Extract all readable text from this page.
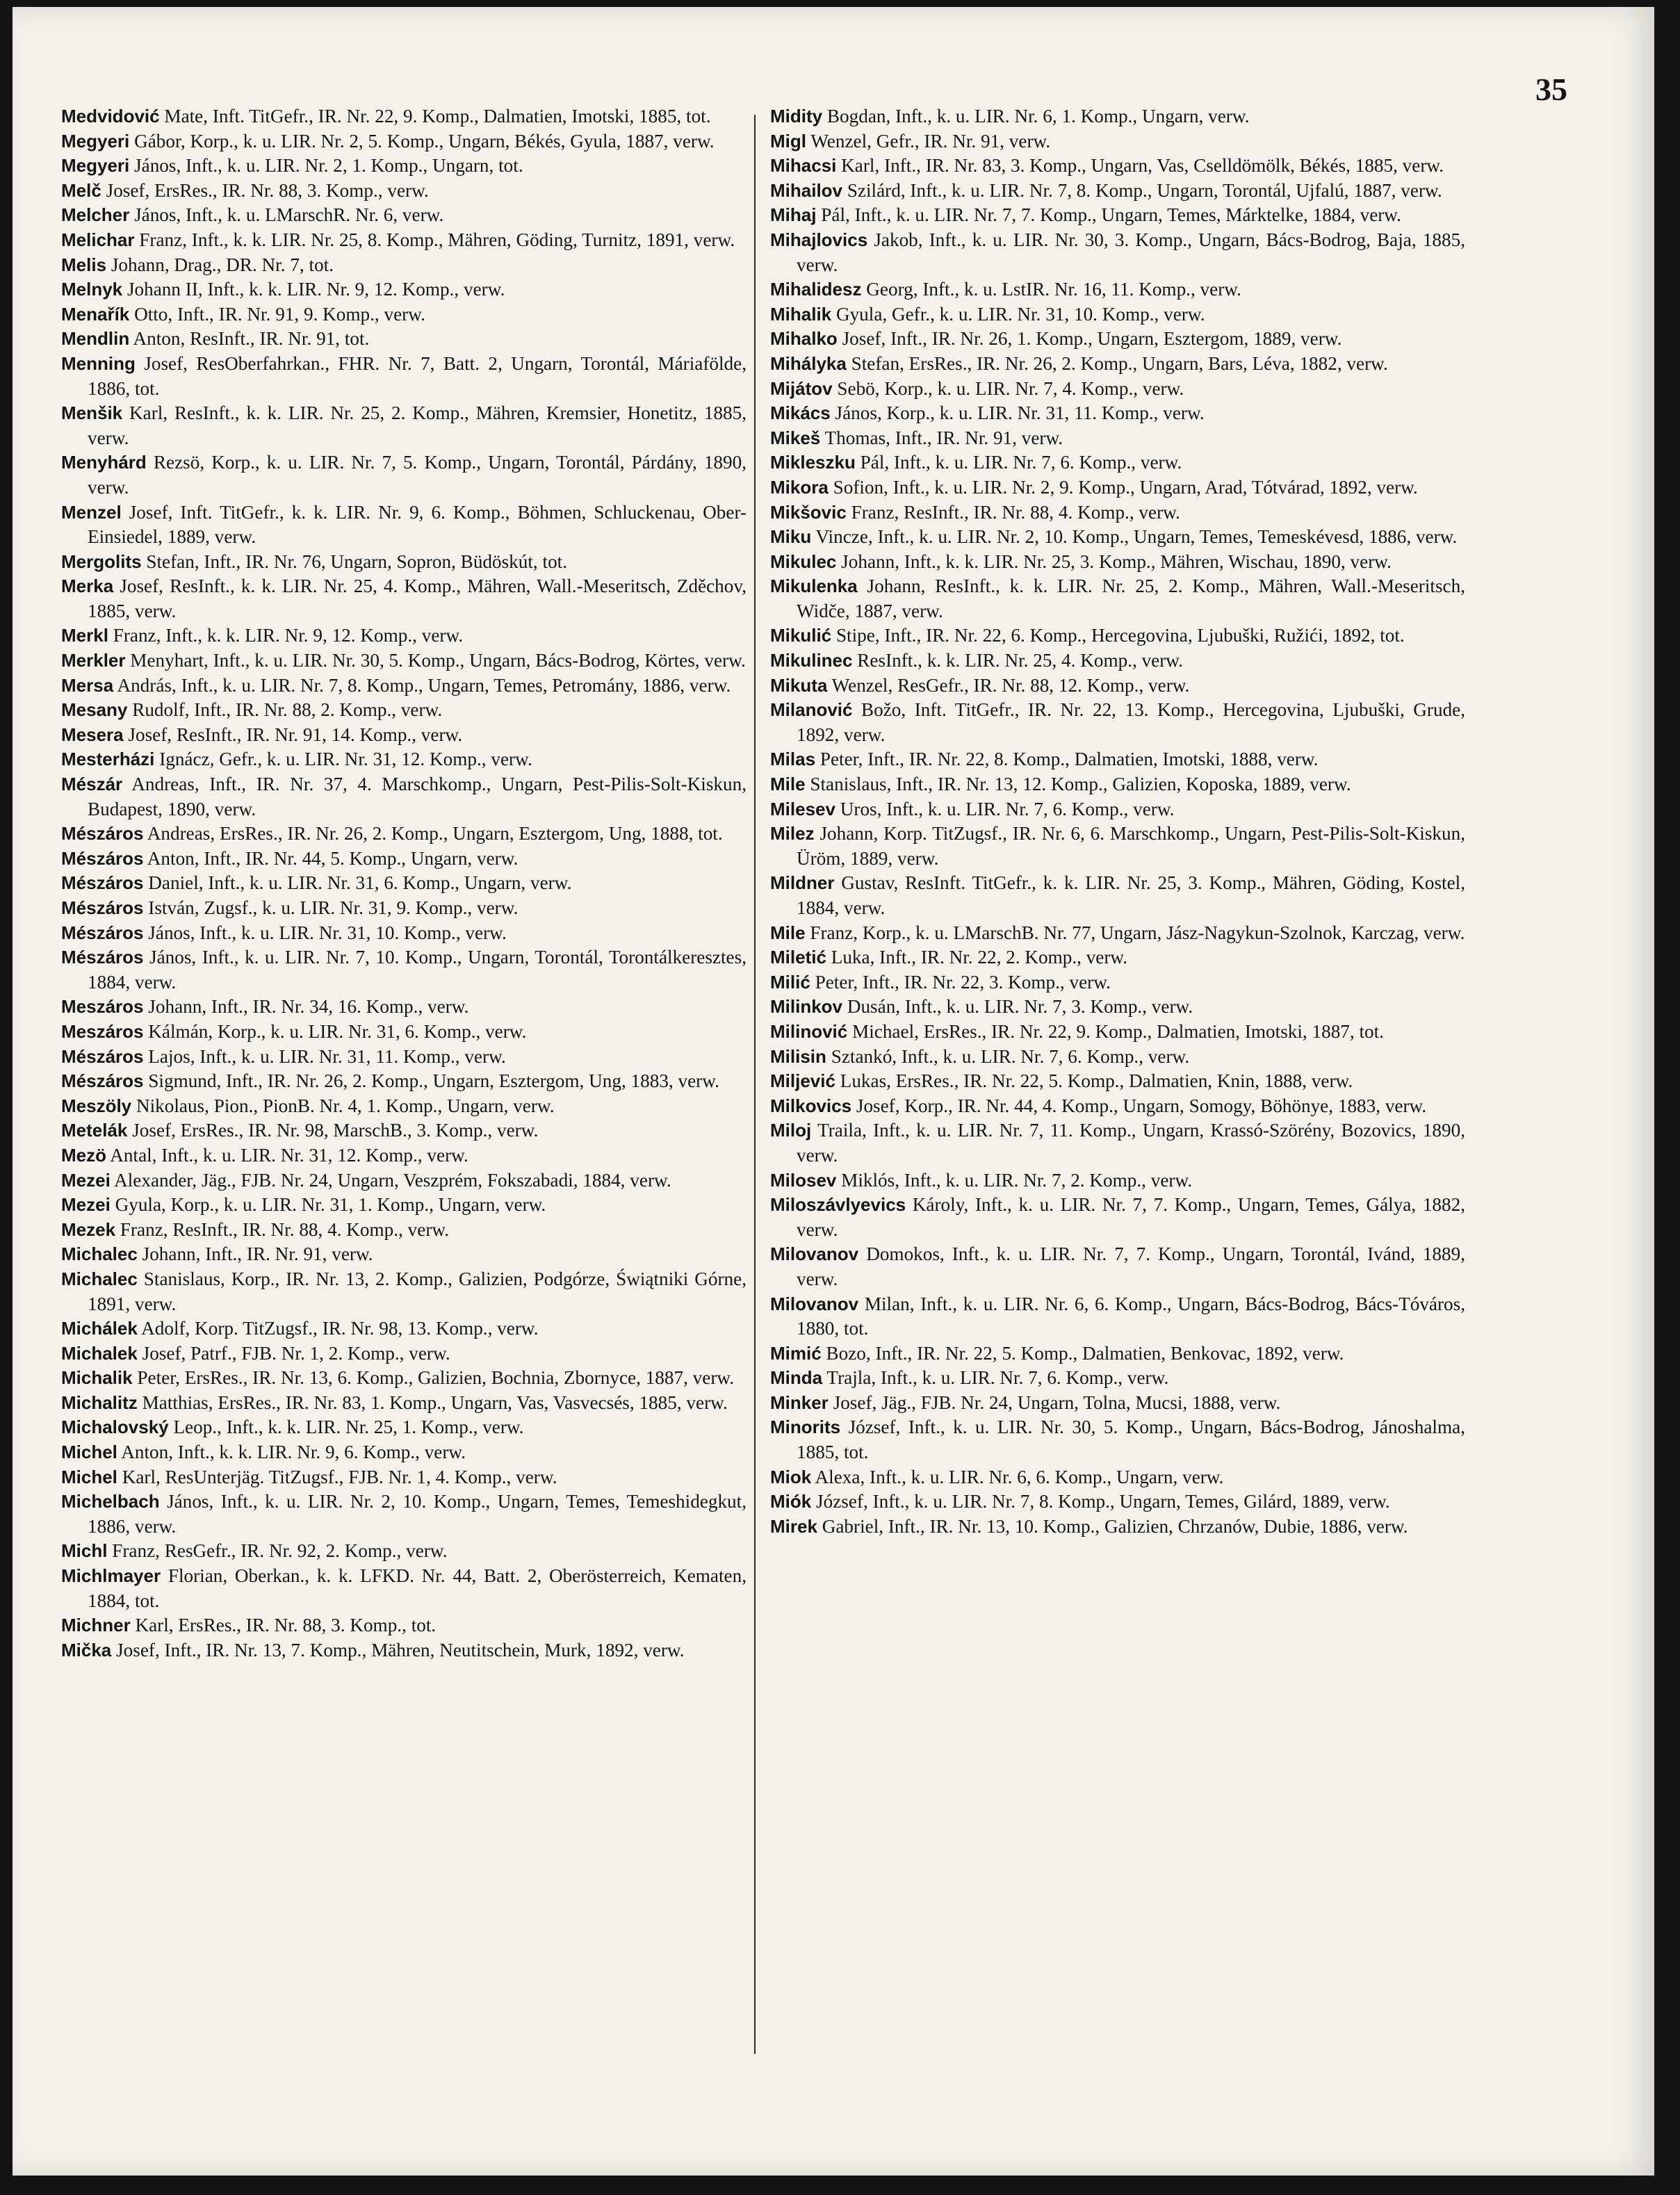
35
Medvidović Mate, Inft. TitGefr., IR. Nr. 22, 9. Komp., Dalmatien, Imotski, 1885, tot.
Megyeri Gábor, Korp., k. u. LIR. Nr. 2, 5. Komp., Ungarn, Békés, Gyula, 1887, verw.
Megyeri János, Inft., k. u. LIR. Nr. 2, 1. Komp., Ungarn, tot.
Melč Josef, ErsRes., IR. Nr. 88, 3. Komp., verw.
Melcher János, Inft., k. u. LMarschR. Nr. 6, verw.
Melichar Franz, Inft., k. k. LIR. Nr. 25, 8. Komp., Mähren, Göding, Turnitz, 1891, verw.
Melis Johann, Drag., DR. Nr. 7, tot.
Melnyk Johann II, Inft., k. k. LIR. Nr. 9, 12. Komp., verw.
Menařík Otto, Inft., IR. Nr. 91, 9. Komp., verw.
Mendlin Anton, ResInft., IR. Nr. 91, tot.
Menning Josef, ResOberfahrkan., FHR. Nr. 7, Batt. 2, Ungarn, Torontál, Máriafölde, 1886, tot.
Menšik Karl, ResInft., k. k. LIR. Nr. 25, 2. Komp., Mähren, Kremsier, Honetitz, 1885, verw.
Menyhárd Rezsö, Korp., k. u. LIR. Nr. 7, 5. Komp., Ungarn, Torontál, Párdány, 1890, verw.
Menzel Josef, Inft. TitGefr., k. k. LIR. Nr. 9, 6. Komp., Böhmen, Schluckenau, Ober-Einsiedel, 1889, verw.
Mergolits Stefan, Inft., IR. Nr. 76, Ungarn, Sopron, Büdöskút, tot.
Merka Josef, ResInft., k. k. LIR. Nr. 25, 4. Komp., Mähren, Wall.-Meseritsch, Zděchov, 1885, verw.
Merkl Franz, Inft., k. k. LIR. Nr. 9, 12. Komp., verw.
Merkler Menyhart, Inft., k. u. LIR. Nr. 30, 5. Komp., Ungarn, Bács-Bodrog, Körtes, verw.
Mersa András, Inft., k. u. LIR. Nr. 7, 8. Komp., Ungarn, Temes, Petromány, 1886, verw.
Mesany Rudolf, Inft., IR. Nr. 88, 2. Komp., verw.
Mesera Josef, ResInft., IR. Nr. 91, 14. Komp., verw.
Mesterházi Ignácz, Gefr., k. u. LIR. Nr. 31, 12. Komp., verw.
Mészár Andreas, Inft., IR. Nr. 37, 4. Marschkomp., Ungarn, Pest-Pilis-Solt-Kiskun, Budapest, 1890, verw.
Mészáros Andreas, ErsRes., IR. Nr. 26, 2. Komp., Ungarn, Esztergom, Ung, 1888, tot.
Mészáros Anton, Inft., IR. Nr. 44, 5. Komp., Ungarn, verw.
Mészáros Daniel, Inft., k. u. LIR. Nr. 31, 6. Komp., Ungarn, verw.
Mészáros István, Zugsf., k. u. LIR. Nr. 31, 9. Komp., verw.
Mészáros János, Inft., k. u. LIR. Nr. 31, 10. Komp., verw.
Mészáros János, Inft., k. u. LIR. Nr. 7, 10. Komp., Ungarn, Torontál, Torontálkeresztes, 1884, verw.
Meszáros Johann, Inft., IR. Nr. 34, 16. Komp., verw.
Meszáros Kálmán, Korp., k. u. LIR. Nr. 31, 6. Komp., verw.
Mészáros Lajos, Inft., k. u. LIR. Nr. 31, 11. Komp., verw.
Mészáros Sigmund, Inft., IR. Nr. 26, 2. Komp., Ungarn, Esztergom, Ung, 1883, verw.
Meszöly Nikolaus, Pion., PionB. Nr. 4, 1. Komp., Ungarn, verw.
Metelák Josef, ErsRes., IR. Nr. 98, MarschB., 3. Komp., verw.
Mezö Antal, Inft., k. u. LIR. Nr. 31, 12. Komp., verw.
Mezei Alexander, Jäg., FJB. Nr. 24, Ungarn, Veszprém, Fokszabadi, 1884, verw.
Mezei Gyula, Korp., k. u. LIR. Nr. 31, 1. Komp., Ungarn, verw.
Mezek Franz, ResInft., IR. Nr. 88, 4. Komp., verw.
Michalec Johann, Inft., IR. Nr. 91, verw.
Michalec Stanislaus, Korp., IR. Nr. 13, 2. Komp., Galizien, Podgórze, Świątniki Górne, 1891, verw.
Michálek Adolf, Korp. TitZugsf., IR. Nr. 98, 13. Komp., verw.
Michalek Josef, Patrf., FJB. Nr. 1, 2. Komp., verw.
Michalik Peter, ErsRes., IR. Nr. 13, 6. Komp., Galizien, Bochnia, Zbornyce, 1887, verw.
Michalitz Matthias, ErsRes., IR. Nr. 83, 1. Komp., Ungarn, Vas, Vasvecsés, 1885, verw.
Michalovský Leop., Inft., k. k. LIR. Nr. 25, 1. Komp., verw.
Michel Anton, Inft., k. k. LIR. Nr. 9, 6. Komp., verw.
Michel Karl, ResUnterjäg. TitZugsf., FJB. Nr. 1, 4. Komp., verw.
Michelbach János, Inft., k. u. LIR. Nr. 2, 10. Komp., Ungarn, Temes, Temeshidegkut, 1886, verw.
Michl Franz, ResGefr., IR. Nr. 92, 2. Komp., verw.
Michlmayer Florian, Oberkan., k. k. LFKD. Nr. 44, Batt. 2, Oberösterreich, Kematen, 1884, tot.
Michner Karl, ErsRes., IR. Nr. 88, 3. Komp., tot.
Mička Josef, Inft., IR. Nr. 13, 7. Komp., Mähren, Neutitschein, Murk, 1892, verw.
Midity Bogdan, Inft., k. u. LIR. Nr. 6, 1. Komp., Ungarn, verw.
Migl Wenzel, Gefr., IR. Nr. 91, verw.
Mihacsi Karl, Inft., IR. Nr. 83, 3. Komp., Ungarn, Vas, Cselldömölk, Békés, 1885, verw.
Mihailov Szilárd, Inft., k. u. LIR. Nr. 7, 8. Komp., Ungarn, Torontál, Ujfalú, 1887, verw.
Mihaj Pál, Inft., k. u. LIR. Nr. 7, 7. Komp., Ungarn, Temes, Márktelke, 1884, verw.
Mihajlovics Jakob, Inft., k. u. LIR. Nr. 30, 3. Komp., Ungarn, Bács-Bodrog, Baja, 1885, verw.
Mihalidesz Georg, Inft., k. u. LstIR. Nr. 16, 11. Komp., verw.
Mihalik Gyula, Gefr., k. u. LIR. Nr. 31, 10. Komp., verw.
Mihalko Josef, Inft., IR. Nr. 26, 1. Komp., Ungarn, Esztergom, 1889, verw.
Mihályka Stefan, ErsRes., IR. Nr. 26, 2. Komp., Ungarn, Bars, Léva, 1882, verw.
Mijátov Sebö, Korp., k. u. LIR. Nr. 7, 4. Komp., verw.
Mikács János, Korp., k. u. LIR. Nr. 31, 11. Komp., verw.
Mikeš Thomas, Inft., IR. Nr. 91, verw.
Mikleszku Pál, Inft., k. u. LIR. Nr. 7, 6. Komp., verw.
Mikora Sofion, Inft., k. u. LIR. Nr. 2, 9. Komp., Ungarn, Arad, Tótvárad, 1892, verw.
Mikšovic Franz, ResInft., IR. Nr. 88, 4. Komp., verw.
Miku Vincze, Inft., k. u. LIR. Nr. 2, 10. Komp., Ungarn, Temes, Temeskévesd, 1886, verw.
Mikulec Johann, Inft., k. k. LIR. Nr. 25, 3. Komp., Mähren, Wischau, 1890, verw.
Mikulenka Johann, ResInft., k. k. LIR. Nr. 25, 2. Komp., Mähren, Wall.-Meseritsch, Widče, 1887, verw.
Mikulić Stipe, Inft., IR. Nr. 22, 6. Komp., Hercegovina, Ljubuški, Ružići, 1892, tot.
Mikulinec ResInft., k. k. LIR. Nr. 25, 4. Komp., verw.
Mikuta Wenzel, ResGefr., IR. Nr. 88, 12. Komp., verw.
Milanović Božo, Inft. TitGefr., IR. Nr. 22, 13. Komp., Hercegovina, Ljubuški, Grude, 1892, verw.
Milas Peter, Inft., IR. Nr. 22, 8. Komp., Dalmatien, Imotski, 1888, verw.
Mile Stanislaus, Inft., IR. Nr. 13, 12. Komp., Galizien, Koposka, 1889, verw.
Milesev Uros, Inft., k. u. LIR. Nr. 7, 6. Komp., verw.
Milez Johann, Korp. TitZugsf., IR. Nr. 6, 6. Marschkomp., Ungarn, Pest-Pilis-Solt-Kiskun, Üröm, 1889, verw.
Mildner Gustav, ResInft. TitGefr., k. k. LIR. Nr. 25, 3. Komp., Mähren, Göding, Kostel, 1884, verw.
Mile Franz, Korp., k. u. LMarschB. Nr. 77, Ungarn, Jász-Nagykun-Szolnok, Karczag, verw.
Miletić Luka, Inft., IR. Nr. 22, 2. Komp., verw.
Milić Peter, Inft., IR. Nr. 22, 3. Komp., verw.
Milinkov Dusán, Inft., k. u. LIR. Nr. 7, 3. Komp., verw.
Milinović Michael, ErsRes., IR. Nr. 22, 9. Komp., Dalmatien, Imotski, 1887, tot.
Milisin Sztankó, Inft., k. u. LIR. Nr. 7, 6. Komp., verw.
Miljević Lukas, ErsRes., IR. Nr. 22, 5. Komp., Dalmatien, Knin, 1888, verw.
Milkovics Josef, Korp., IR. Nr. 44, 4. Komp., Ungarn, Somogy, Böhönye, 1883, verw.
Miloj Traila, Inft., k. u. LIR. Nr. 7, 11. Komp., Ungarn, Krassó-Szörény, Bozovics, 1890, verw.
Milosev Miklós, Inft., k. u. LIR. Nr. 7, 2. Komp., verw.
Miloszávlyevics Károly, Inft., k. u. LIR. Nr. 7, 7. Komp., Ungarn, Temes, Gálya, 1882, verw.
Milovanov Domokos, Inft., k. u. LIR. Nr. 7, 7. Komp., Ungarn, Torontál, Ivánd, 1889, verw.
Milovanov Milan, Inft., k. u. LIR. Nr. 6, 6. Komp., Ungarn, Bács-Bodrog, Bács-Tóváros, 1880, tot.
Mimić Bozo, Inft., IR. Nr. 22, 5. Komp., Dalmatien, Benkovac, 1892, verw.
Minda Trajla, Inft., k. u. LIR. Nr. 7, 6. Komp., verw.
Minker Josef, Jäg., FJB. Nr. 24, Ungarn, Tolna, Mucsi, 1888, verw.
Minorits József, Inft., k. u. LIR. Nr. 30, 5. Komp., Ungarn, Bács-Bodrog, Jánoshalma, 1885, tot.
Miok Alexa, Inft., k. u. LIR. Nr. 6, 6. Komp., Ungarn, verw.
Miók József, Inft., k. u. LIR. Nr. 7, 8. Komp., Ungarn, Temes, Gilárd, 1889, verw.
Mirek Gabriel, Inft., IR. Nr. 13, 10. Komp., Galizien, Chrzanów, Dubie, 1886, verw.
